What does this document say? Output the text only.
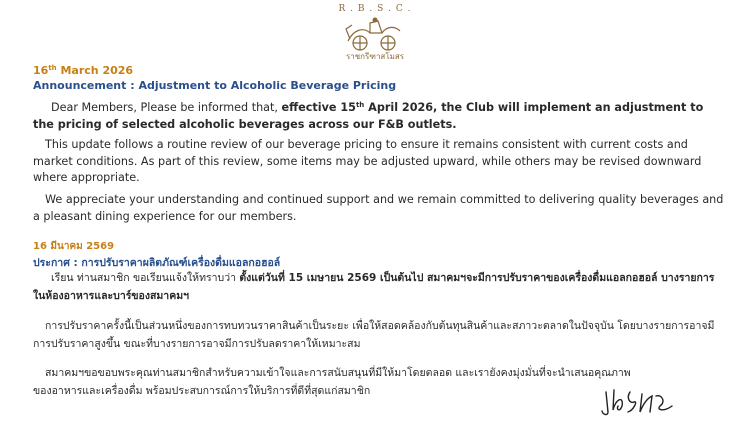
R . B . S . C .
ราชกรีฑาสโมสร
16th March 2026
Announcement : Adjustment to Alcoholic Beverage Pricing
Dear Members, Please be informed that, effective 15th April 2026, the Club will implement an adjustment to the pricing of selected alcoholic beverages across our F&B outlets.
This update follows a routine review of our beverage pricing to ensure it remains consistent with current costs and market conditions. As part of this review, some items may be adjusted upward, while others may be revised downward where appropriate.
We appreciate your understanding and continued support and we remain committed to delivering quality beverages and a pleasant dining experience for our members.
16 มีนาคม 2569
ประกาศ : การปรับราคาผลิตภัณฑ์เครื่องดื่มแอลกอฮอล์
เรียน ท่านสมาชิก ขอเรียนแจ้งให้ทราบว่า ตั้งแต่วันที่ 15 เมษายน 2569 เป็นต้นไป สมาคมฯจะมีการปรับราคาของเครื่องดื่มแอลกอฮอล์ บางรายการในห้องอาหารและบาร์ของสมาคมฯ
การปรับราคาครั้งนี้เป็นส่วนหนึ่งของการทบทวนราคาสินค้าเป็นระยะ เพื่อให้สอดคล้องกับต้นทุนสินค้าและสภาวะตลาดในปัจจุบัน โดยบางรายการอาจมีการปรับราคาสูงขึ้น ขณะที่บางรายการอาจมีการปรับลดราคาให้เหมาะสม
สมาคมฯขอขอบพระคุณท่านสมาชิกสำหรับความเข้าใจและการสนับสนุนที่มีให้มาโดยตลอด และเรายังคงมุ่งมั่นที่จะนำเสนอคุณภาพ ของอาหารและเครื่องดื่ม พร้อมประสบการณ์การให้บริการที่ดีที่สุดแก่สมาชิก
